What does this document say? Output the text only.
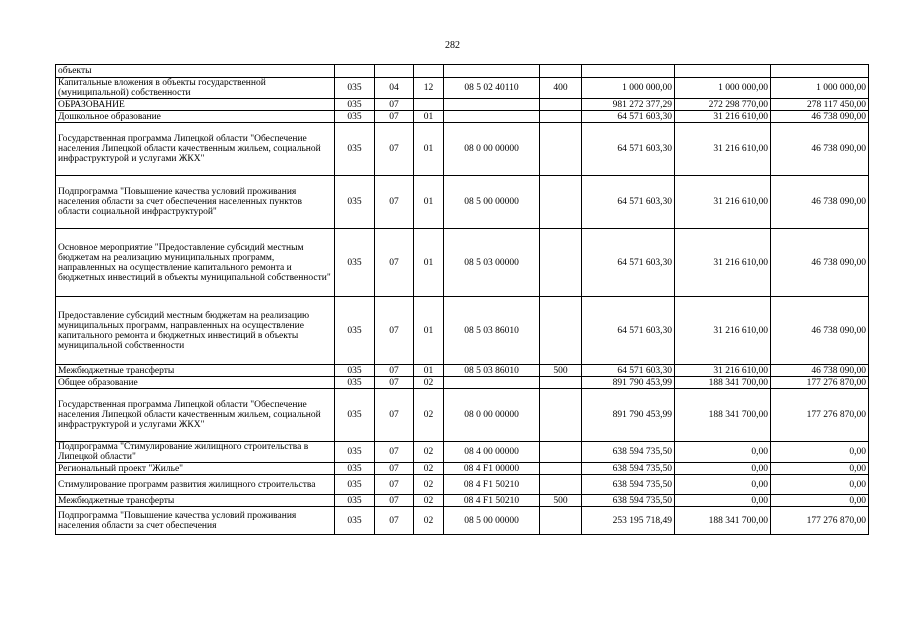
282
объекты								
Капитальные вложения в объекты государственной (муниципальной) собственности	035	04	12	08 5 02 40110	400	1 000 000,00	1 000 000,00	1 000 000,00
ОБРАЗОВАНИЕ	035	07				981 272 377,29	272 298 770,00	278 117 450,00
Дошкольное образование	035	07	01			64 571 603,30	31 216 610,00	46 738 090,00
Государственная программа Липецкой области "Обеспечение населения Липецкой области качественным жильем, социальной инфраструктурой и услугами ЖКХ"	035	07	01	08 0 00 00000		64 571 603,30	31 216 610,00	46 738 090,00
Подпрограмма "Повышение качества условий проживания населения области за счет обеспечения населенных пунктов области социальной инфраструктурой"	035	07	01	08 5 00 00000		64 571 603,30	31 216 610,00	46 738 090,00
Основное мероприятие "Предоставление субсидий местным бюджетам на реализацию муниципальных программ, направленных на осуществление капитального ремонта и бюджетных инвестиций в объекты муниципальной собственности"	035	07	01	08 5 03 00000		64 571 603,30	31 216 610,00	46 738 090,00
Предоставление субсидий местным бюджетам на реализацию муниципальных программ, направленных на осуществление капитального ремонта и бюджетных инвестиций в объекты муниципальной собственности	035	07	01	08 5 03 86010		64 571 603,30	31 216 610,00	46 738 090,00
Межбюджетные трансферты	035	07	01	08 5 03 86010	500	64 571 603,30	31 216 610,00	46 738 090,00
Общее образование	035	07	02			891 790 453,99	188 341 700,00	177 276 870,00
Государственная программа Липецкой области "Обеспечение населения Липецкой области качественным жильем, социальной инфраструктурой и услугами ЖКХ"	035	07	02	08 0 00 00000		891 790 453,99	188 341 700,00	177 276 870,00
Подпрограмма "Стимулирование жилищного строительства в Липецкой области"	035	07	02	08 4 00 00000		638 594 735,50	0,00	0,00
Региональный проект "Жилье"	035	07	02	08 4 F1 00000		638 594 735,50	0,00	0,00
Стимулирование программ развития жилищного строительства	035	07	02	08 4 F1 50210		638 594 735,50	0,00	0,00
Межбюджетные трансферты	035	07	02	08 4 F1 50210	500	638 594 735,50	0,00	0,00
Подпрограмма "Повышение качества условий проживания населения области за счет обеспечения	035	07	02	08 5 00 00000		253 195 718,49	188 341 700,00	177 276 870,00
